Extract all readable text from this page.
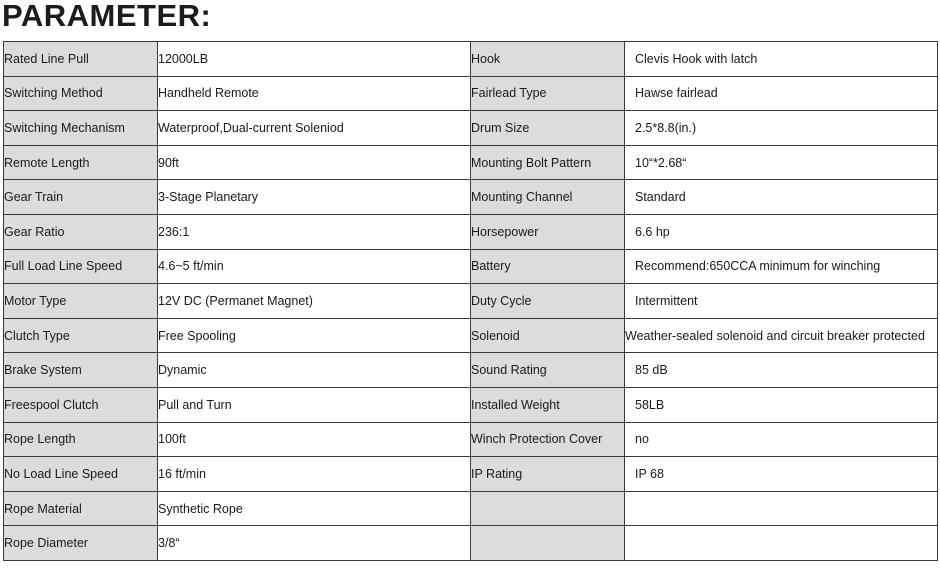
PARAMETER:
Rated Line Pull	12000LB	Hook	Clevis Hook with latch
Switching Method	Handheld Remote	Fairlead Type	Hawse fairlead
Switching Mechanism	Waterproof,Dual-current Soleniod	Drum Size	2.5*8.8(in.)
Remote Length	90ft	Mounting Bolt Pattern	10“*2.68“
Gear Train	3-Stage Planetary	Mounting Channel	Standard
Gear Ratio	236:1	Horsepower	6.6 hp
Full Load Line Speed	4.6~5 ft/min	Battery	Recommend:650CCA minimum for winching
Motor Type	12V DC (Permanet Magnet)	Duty Cycle	Intermittent
Clutch Type	Free Spooling	Solenoid	Weather-sealed solenoid and circuit breaker protected
Brake System	Dynamic	Sound Rating	85 dB
Freespool Clutch	Pull and Turn	Installed Weight	58LB
Rope Length	100ft	Winch Protection Cover	no
No Load Line Speed	16 ft/min	IP Rating	IP 68
Rope Material	Synthetic Rope		
Rope Diameter	3/8“		
